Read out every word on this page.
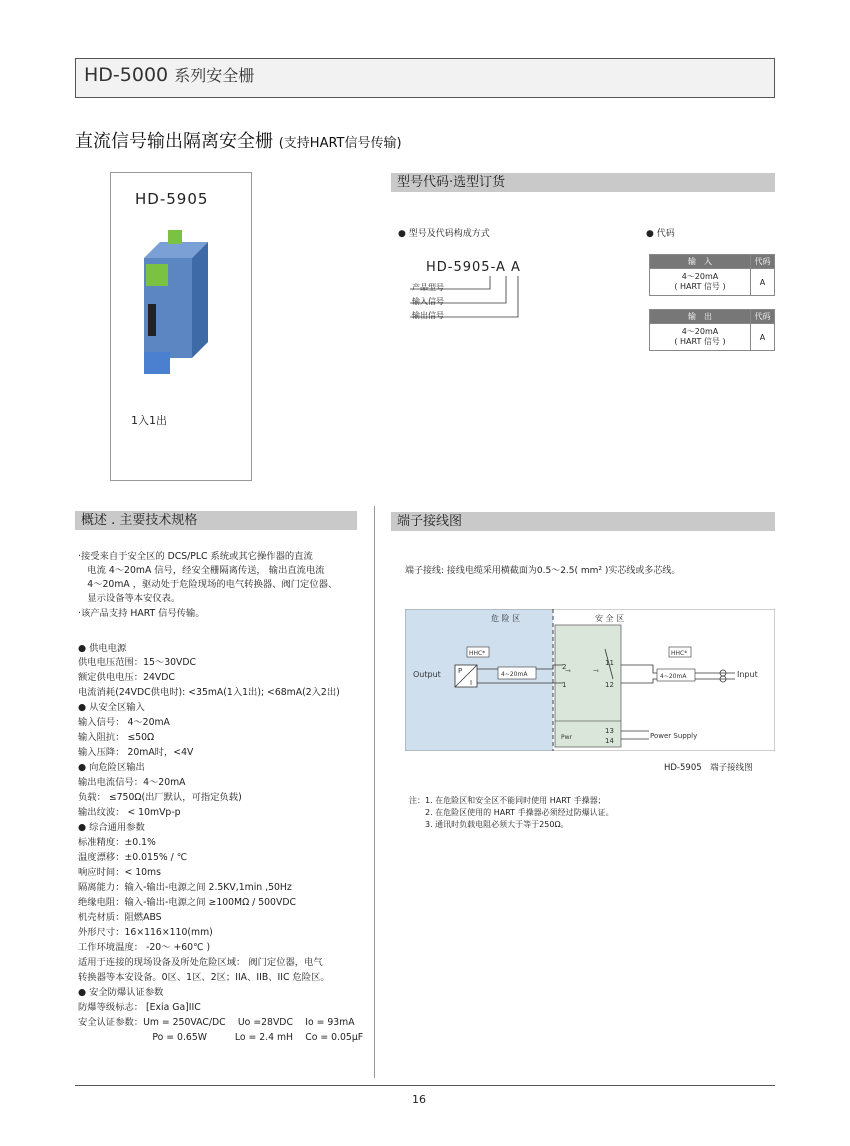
HD-5000 系列安全栅
直流信号输出隔离安全栅 (支持HART信号传输)
HD-5905
1入1出
型号代码·选型订货
● 型号及代码构成方式	● 代码
HD-5905-A A
产品型号
输入信号
输出信号
输　入	代码
4～20mA
( HART 信号 )	A
输　出	代码
4～20mA
( HART 信号 )	A
概述 . 主要技术规格
·接受来自于安全区的 DCS/PLC 系统或其它操作器的直流
　电流 4～20mA 信号，经安全栅隔离传送， 输出直流电流
　4～20mA ，驱动处于危险现场的电气转换器、阀门定位器、
　显示设备等本安仪表。
·该产品支持 HART 信号传输。
● 供电电源
供电电压范围：15～30VDC
额定供电电压：24VDC
电流消耗(24VDC供电时): <35mA(1入1出); <68mA(2入2出)
● 从安全区输入
输入信号： 4～20mA
输入阻抗： ≤50Ω
输入压降： 20mA时，<4V
● 向危险区输出
输出电流信号：4～20mA
负载： ≤750Ω(出厂默认，可指定负载)
输出纹波： < 10mVp-p
● 综合通用参数
标准精度：±0.1%
温度漂移：±0.015% / ℃
响应时间：< 10ms
隔离能力：输入-输出-电源之间 2.5KV,1min ,50Hz
绝缘电阻：输入-输出-电源之间 ≥100MΩ / 500VDC
机壳材质：阻燃ABS
外形尺寸：16×116×110(mm)
工作环境温度： -20～ +60℃ )
适用于连接的现场设备及所处危险区域： 阀门定位器，电气
转换器等本安设备。0区、1区、2区；IIA、IIB、IIC 危险区。
● 安全防爆认证参数
防爆等级标志： [Exia Ga]IIC
安全认证参数：Um = 250VAC/DC　 Uo =28VDC　 Io = 93mA
　　　　　　　　Po = 0.65W　　　Lo = 2.4 mH　 Co = 0.05μF
端子接线图
端子接线: 接线电缆采用横截面为0.5～2.5( mm² )实芯线或多芯线。
危 险 区	安 全 区
⇾	⇾
P
I
Output	4~20mA
HHC*
2
1
11
12
4~20mA
HHC*
Input
Pwr
13
14
Power Supply
HD-5905　端子接线图
注：1. 在危险区和安全区不能同时使用 HART 手操器；
　　2. 在危险区使用的 HART 手操器必须经过防爆认证。
　　3. 通讯时负载电阻必须大于等于250Ω。
16
